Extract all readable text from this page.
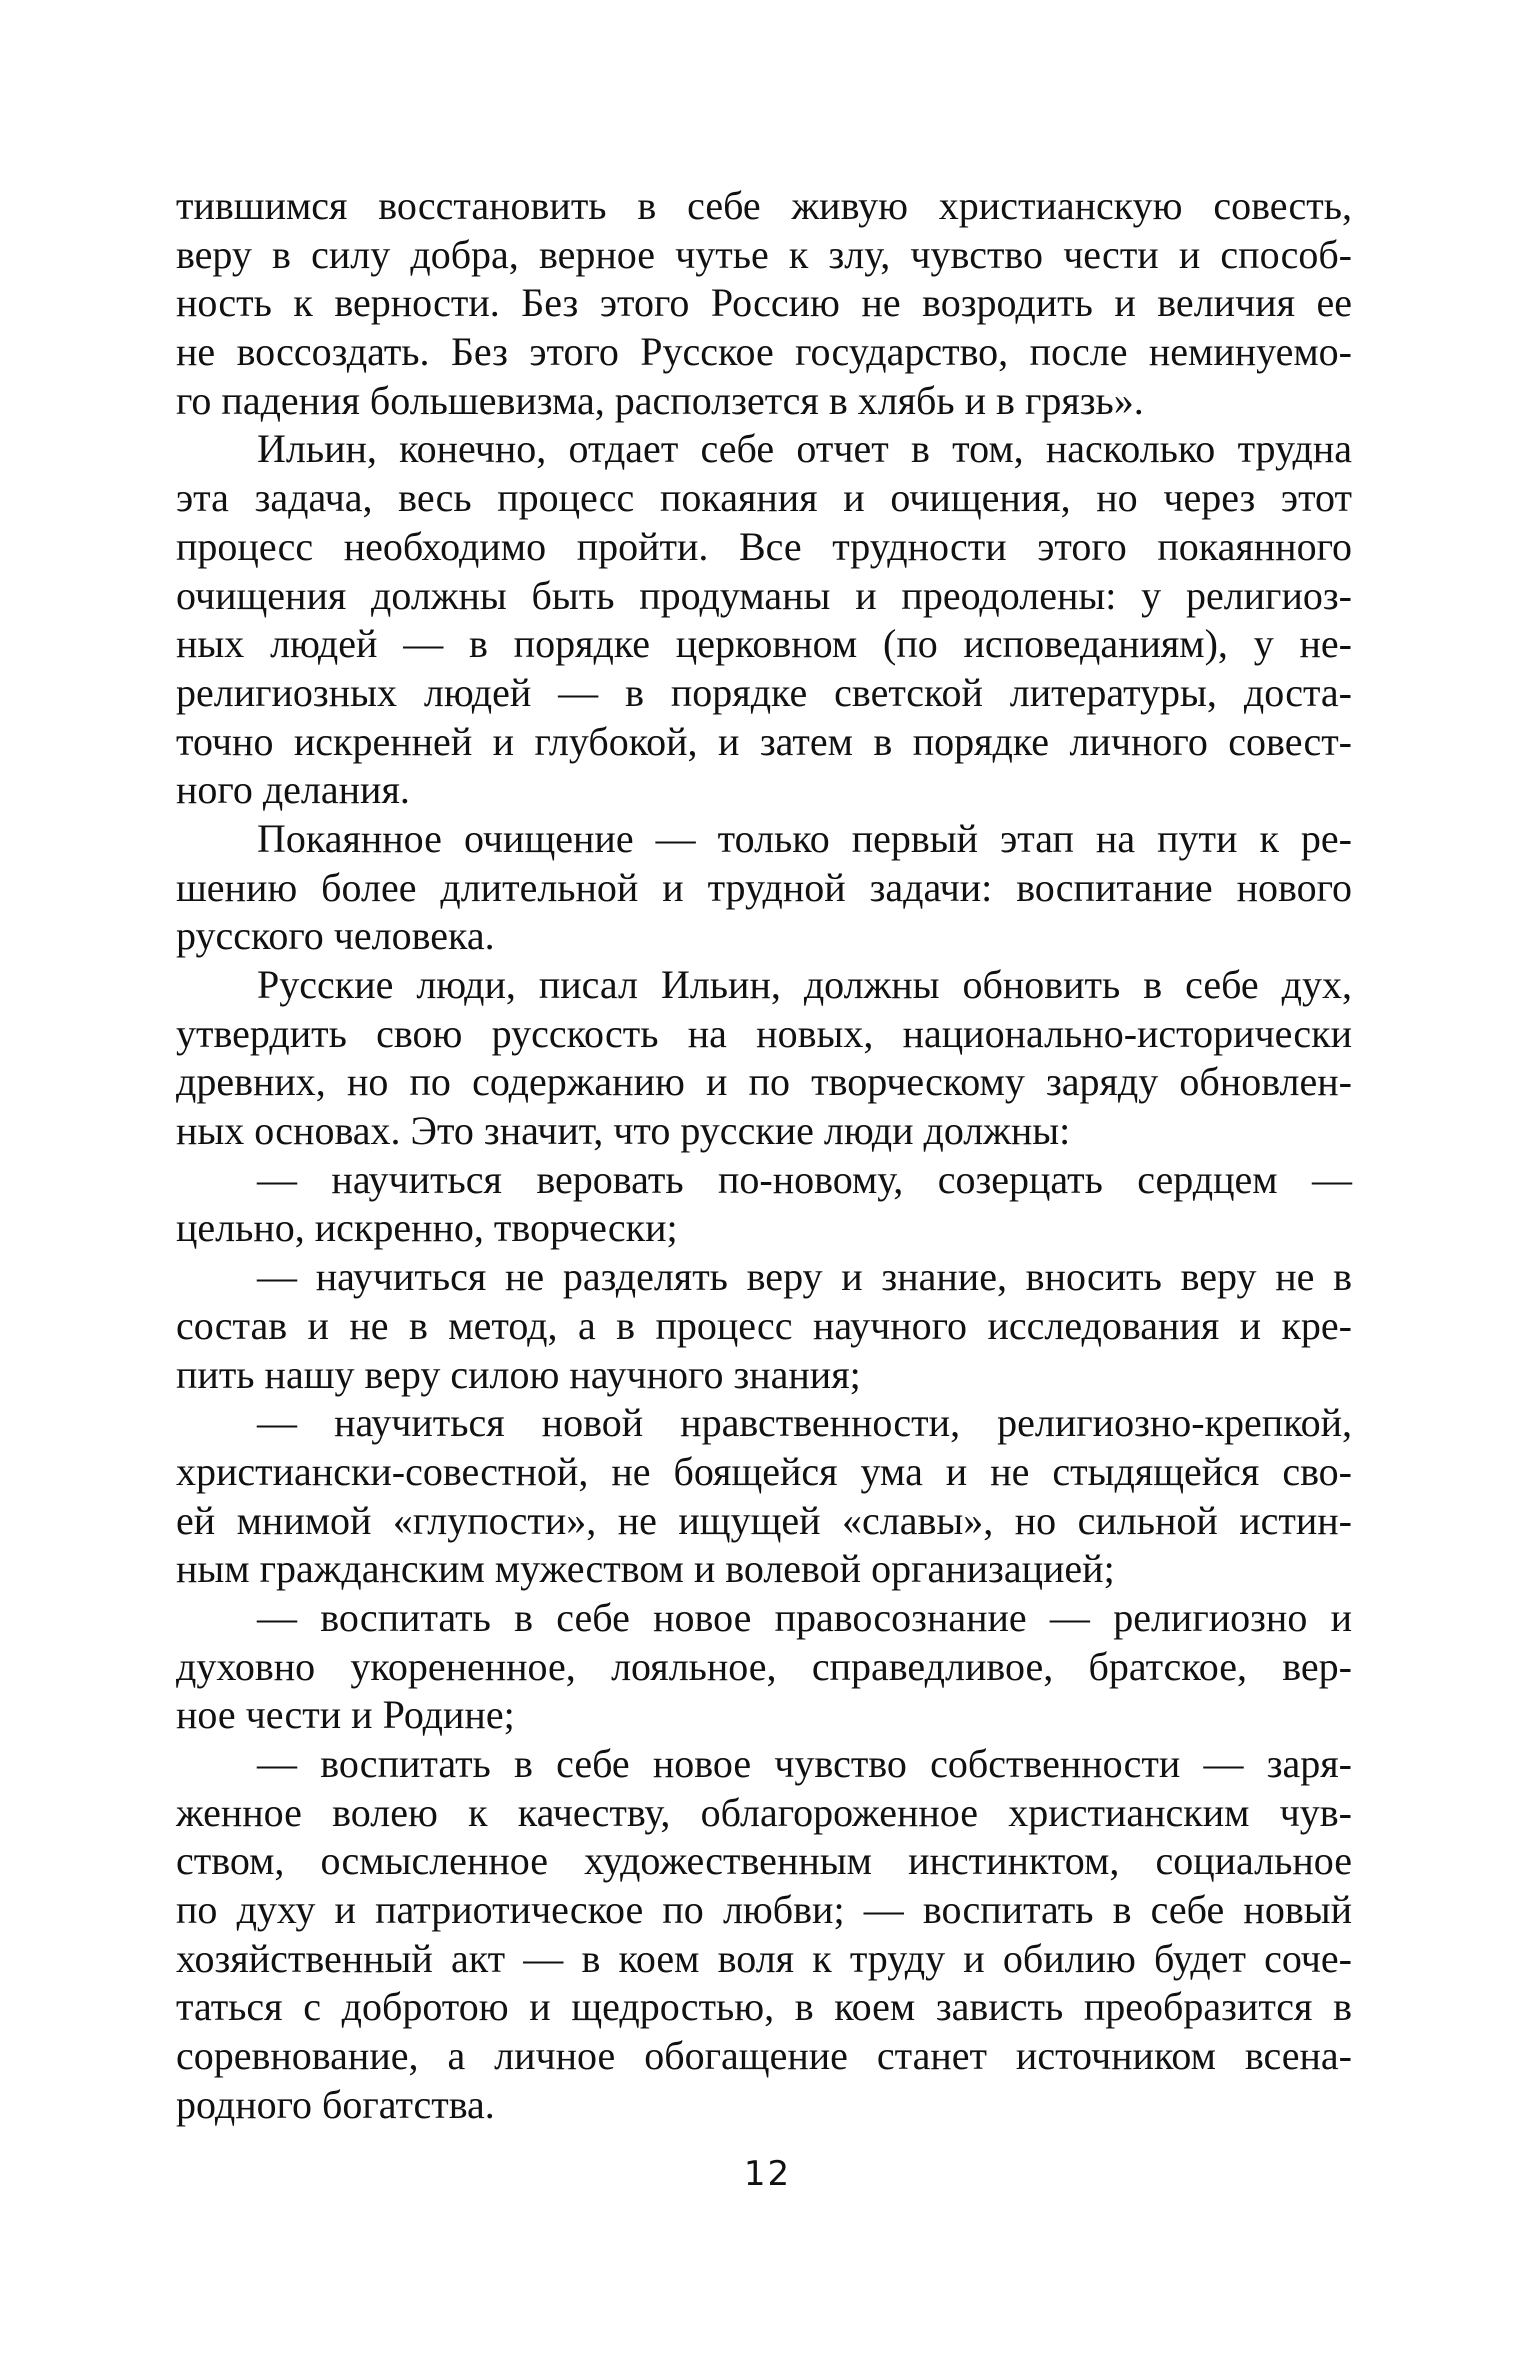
тившимся восстановить в себе живую христианскую совесть,
веру в силу добра, верное чутье к злу, чувство чести и способ-
ность к верности. Без этого Россию не возродить и величия ее
не воссоздать. Без этого Русское государство, после неминуемо-
го падения большевизма, расползется в хлябь и в грязь».
Ильин, конечно, отдает себе отчет в том, насколько трудна
эта задача, весь процесс покаяния и очищения, но через этот
процесс необходимо пройти. Все трудности этого покаянного
очищения должны быть продуманы и преодолены: у религиоз-
ных людей — в порядке церковном (по исповеданиям), у не-
религиозных людей — в порядке светской литературы, доста-
точно искренней и глубокой, и затем в порядке личного совест-
ного делания.
Покаянное очищение — только первый этап на пути к ре-
шению более длительной и трудной задачи: воспитание нового
русского человека.
Русские люди, писал Ильин, должны обновить в себе дух,
утвердить свою русскость на новых, национально-исторически
древних, но по содержанию и по творческому заряду обновлен-
ных основах. Это значит, что русские люди должны:
— научиться веровать по-новому, созерцать сердцем —
цельно, искренно, творчески;
— научиться не разделять веру и знание, вносить веру не в
состав и не в метод, а в процесс научного исследования и кре-
пить нашу веру силою научного знания;
— научиться новой нравственности, религиозно-крепкой,
христиански-совестной, не боящейся ума и не стыдящейся сво-
ей мнимой «глупости», не ищущей «славы», но сильной истин-
ным гражданским мужеством и волевой организацией;
— воспитать в себе новое правосознание — религиозно и
духовно укорененное, лояльное, справедливое, братское, вер-
ное чести и Родине;
— воспитать в себе новое чувство собственности — заря-
женное волею к качеству, облагороженное христианским чув-
ством, осмысленное художественным инстинктом, социальное
по духу и патриотическое по любви; — воспитать в себе новый
хозяйственный акт — в коем воля к труду и обилию будет соче-
таться с добротою и щедростью, в коем зависть преобразится в
соревнование, а личное обогащение станет источником всена-
родного богатства.
12
